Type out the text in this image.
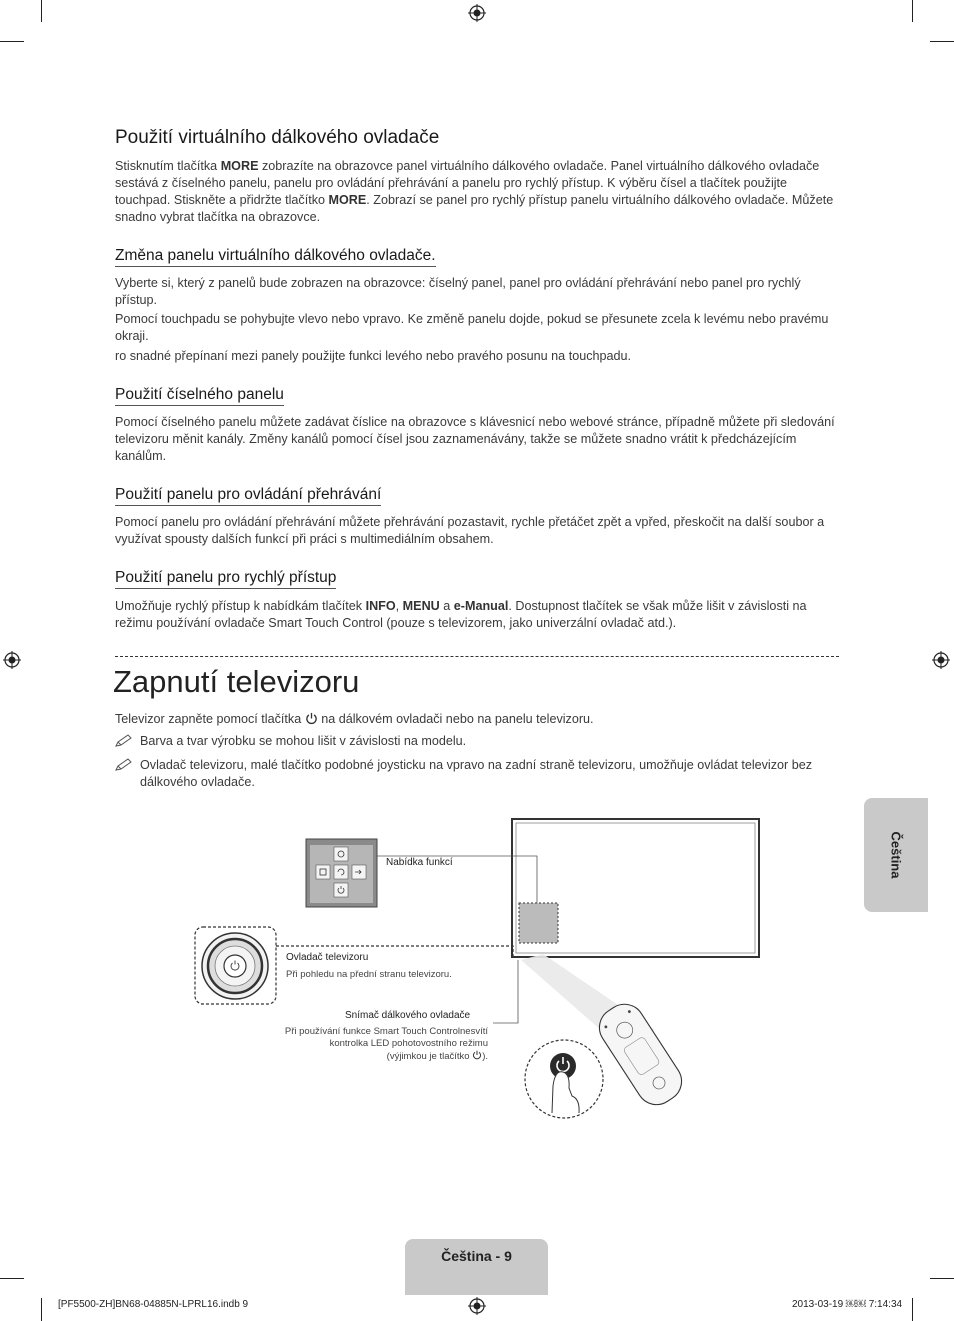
Použití virtuálního dálkového ovladače

Stisknutím tlačítka MORE zobrazíte na obrazovce panel virtuálního dálkového ovladače. Panel virtuálního dálkového ovladače sestává z číselného panelu, panelu pro ovládání přehrávání a panelu pro rychlý přístup. K výběru čísel a tlačítek použijte touchpad. Stiskněte a přidržte tlačítko MORE. Zobrazí se panel pro rychlý přístup panelu virtuálního dálkového ovladače. Můžete snadno vybrat tlačítka na obrazovce.

Změna panelu virtuálního dálkového ovladače.

Vyberte si, který z panelů bude zobrazen na obrazovce: číselný panel, panel pro ovládání přehrávání nebo panel pro rychlý přístup.

Pomocí touchpadu se pohybujte vlevo nebo vpravo. Ke změně panelu dojde, pokud se přesunete zcela k levému nebo pravému okraji.

ro snadné přepínaní mezi panely použijte funkci levého nebo pravého posunu na touchpadu.

Použití číselného panelu

Pomocí číselného panelu můžete zadávat číslice na obrazovce s klávesnicí nebo webové stránce, případně můžete při sledování televizoru měnit kanály. Změny kanálů pomocí čísel jsou zaznamenávány, takže se můžete snadno vrátit k předcházejícím kanálům.

Použití panelu pro ovládání přehrávání

Pomocí panelu pro ovládání přehrávání můžete přehrávání pozastavit, rychle přetáčet zpět a vpřed, přeskočit na další soubor a využívat spousty dalších funkcí při práci s multimediálním obsahem.

Použití panelu pro rychlý přístup

Umožňuje rychlý přístup k nabídkám tlačítek INFO, MENU a e-Manual. Dostupnost tlačítek se však může lišit v závislosti na režimu používání ovladače Smart Touch Control (pouze s televizorem, jako univerzální ovladač atd.).

Zapnutí televizoru

Televizor zapněte pomocí tlačítka  na dálkovém ovladači nebo na panelu televizoru.

Barva a tvar výrobku se mohou lišit v závislosti na modelu.
Ovladač televizoru, malé tlačítko podobné joysticku na vpravo na zadní straně televizoru, umožňuje ovládat televizor bez dálkového ovladače.
Nabídka funkcí
Ovladač televizoru
Při pohledu na přední stranu televizoru.
Snímač dálkového ovladače
Při používání funkce Smart Touch Controlnesvítí
kontrolka LED pohotovostního režimu
(výjimkou je tlačítko ).
Čeština
Čeština - 9
[PF5500-ZH]BN68-04885N-LPRL16.indb 9	2013-03-19 ￼￼ 7:14:34
